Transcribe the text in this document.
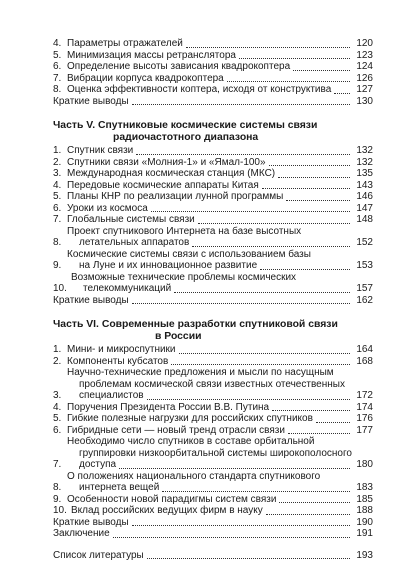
4. Параметры отражателей	120
5. Минимизация массы ретранслятора	123
6. Определение высоты зависания квадрокоптера	124
7. Вибрации корпуса квадрокоптера	126
8. Оценка эффективности коптера, исходя от конструктива	127
Краткие выводы	130
Часть V. Спутниковые космические системы связи
радиочастотного диапазона
1. Спутник связи	132
2. Спутники связи «Молния-1» и «Ямал-100»	132
3. Международная космическая станция (МКС)	135
4. Передовые космические аппараты Китая	143
5. Планы КНР по реализации лунной программы	146
6. Уроки из космоса	147
7. Глобальные системы связи	148
8.
Проект спутникового Интернета на базе высотных
летательных аппаратов	152
9.
Космические системы связи с использованием базы
на Луне и их инновационное развитие	153
10.
Возможные технические проблемы космических
телекоммуникаций	157
Краткие выводы	162
Часть VI. Современные разработки спутниковой связи
в России
1. Мини- и микроспутники	164
2. Компоненты кубсатов	168
3.
Научно-технические предложения и мысли по насущным
проблемам космической связи известных отечественных
специалистов	172
4. Поручения Президента России В.В. Путина	174
5. Гибкие полезные нагрузки для российских спутников	176
6. Гибридные сети — новый тренд отрасли связи	177
7.
Необходимо число спутников в составе орбитальной
группировки низкоорбитальной системы широкополосного
доступа	180
8.
О положениях национального стандарта спутникового
интернета вещей	183
9. Особенности новой парадигмы систем связи	185
10. Вклад российских ведущих фирм в науку	188
Краткие выводы	190
Заключение	191
Список литературы	193
